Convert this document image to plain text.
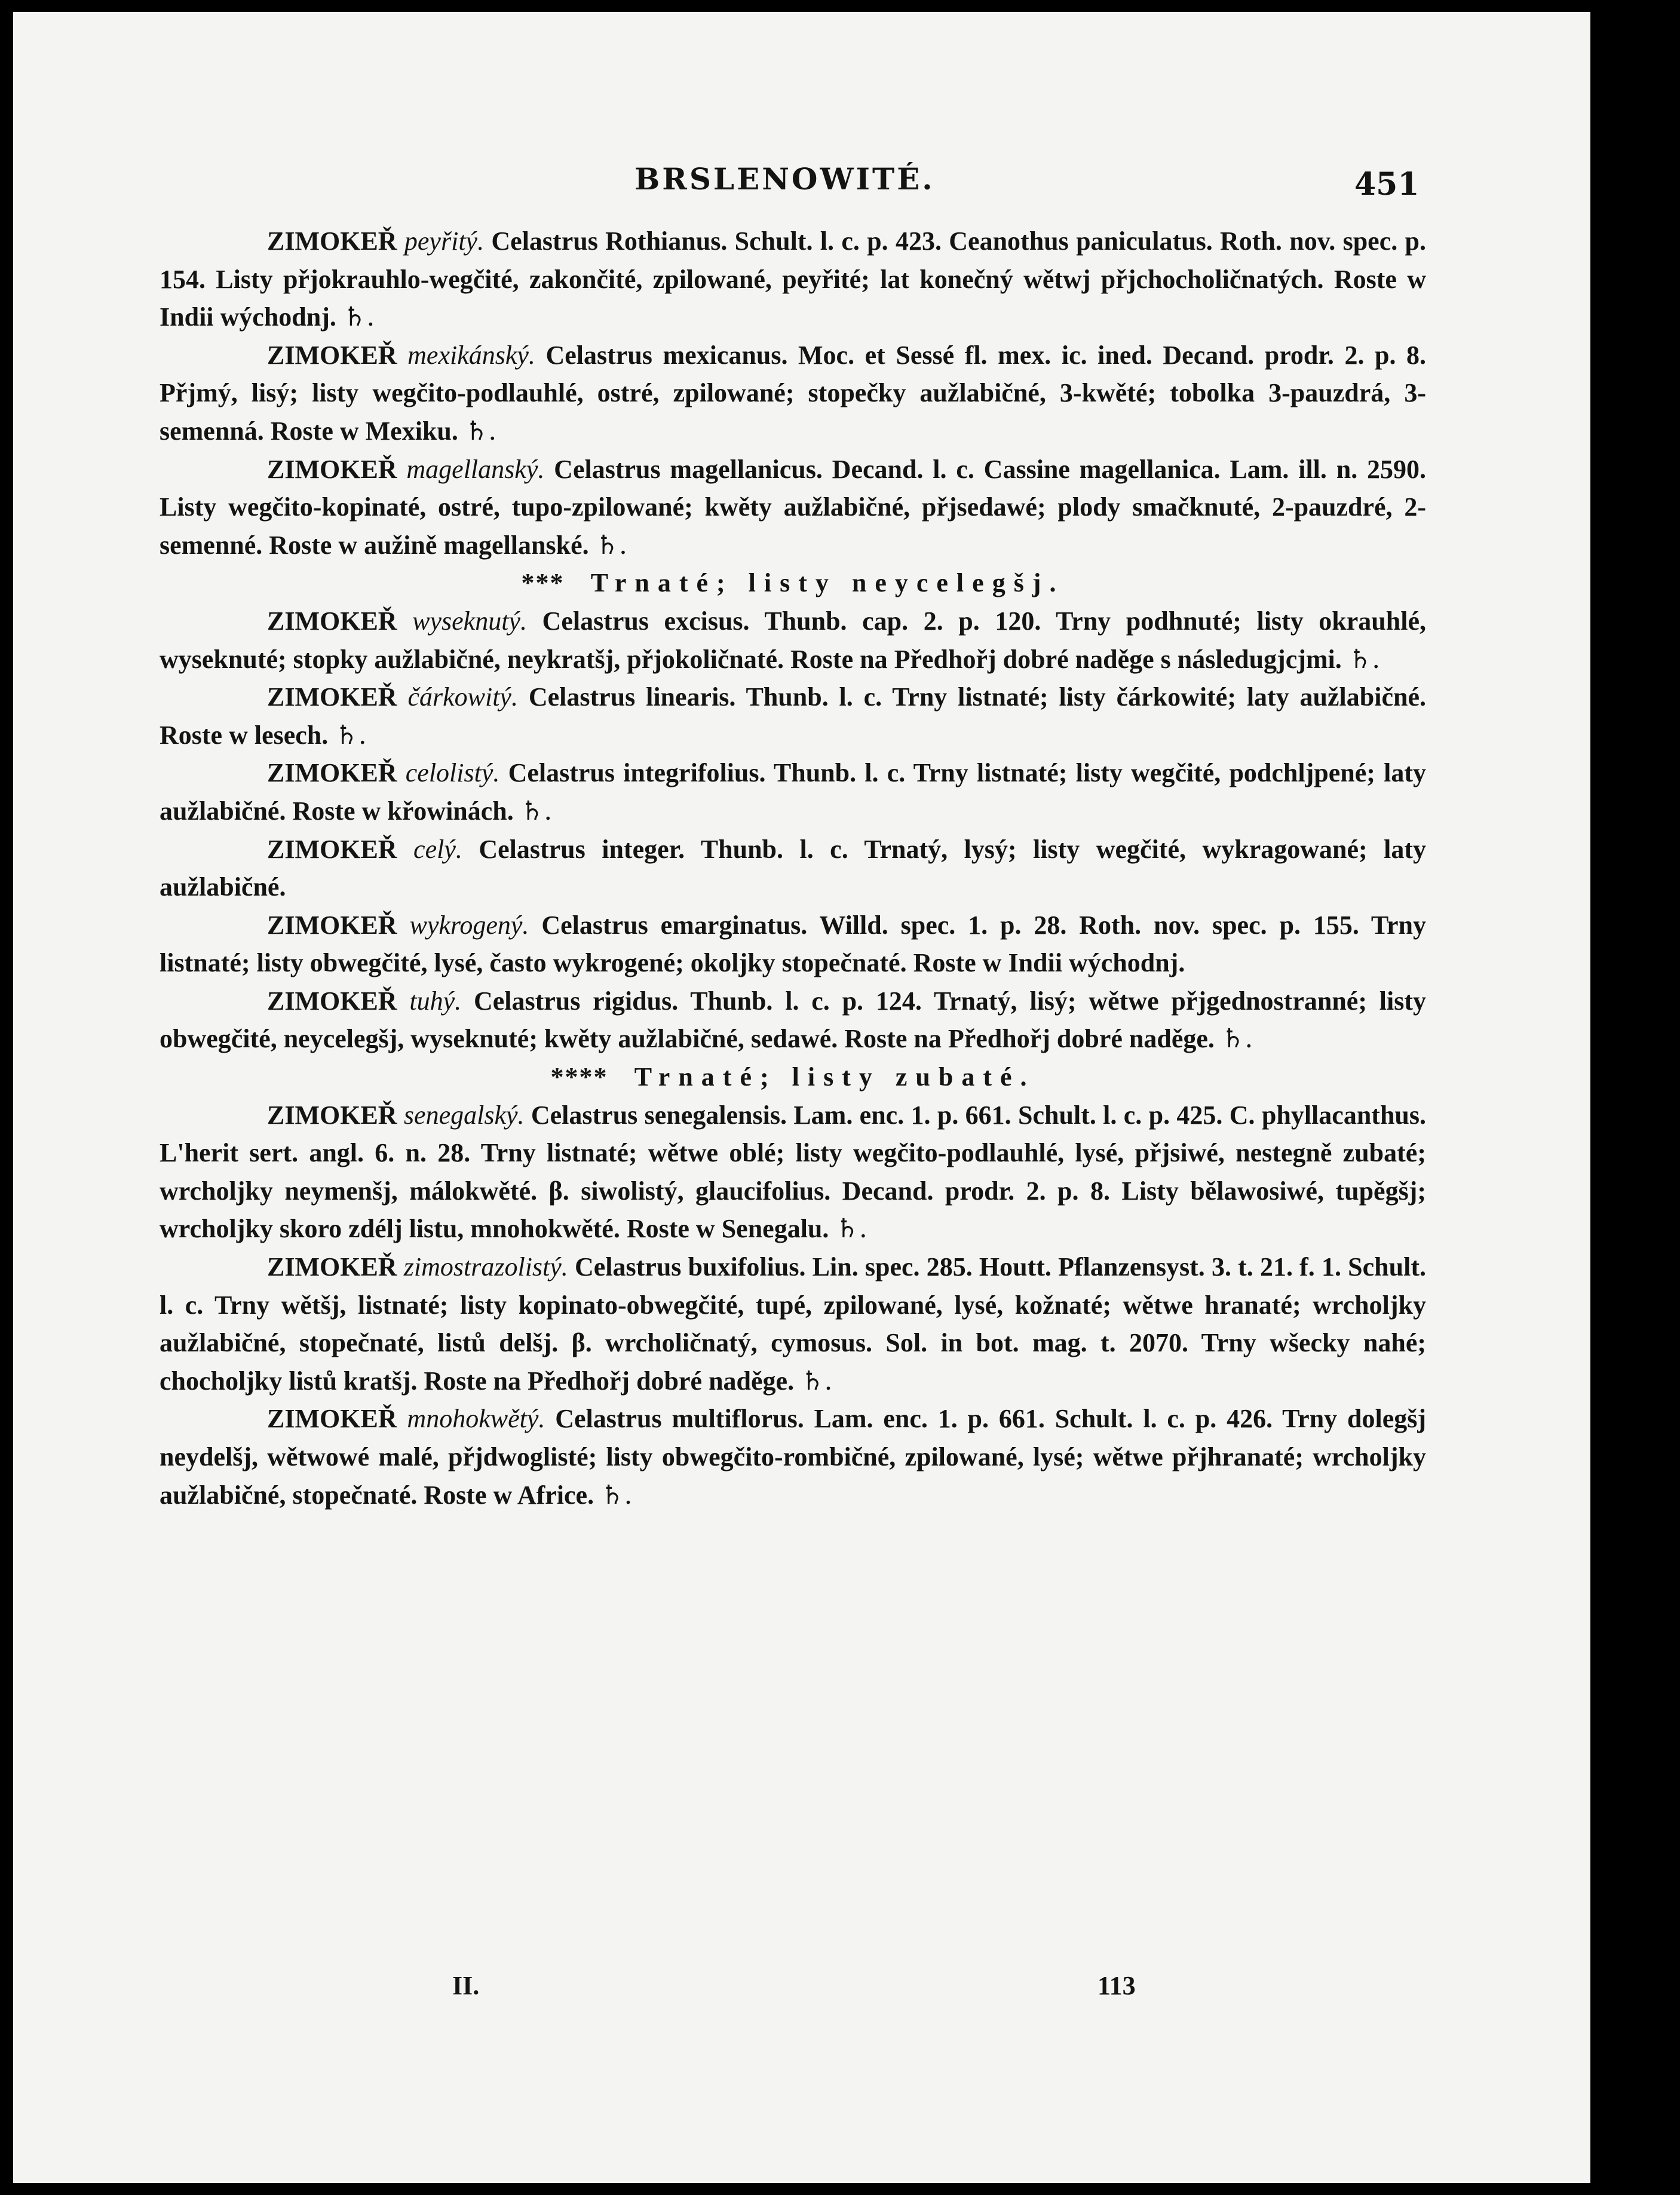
BRSLENOWITÉ.	451

ZIMOKEŘ peyřitý. Celastrus Rothianus. Schult. l. c. p. 423. Ceanothus paniculatus. Roth. nov. spec. p. 154. Listy přjokrauhlo-wegčité, zakončité, zpilowané, peyřité; lat konečný wětwj přjchocholičnatých. Roste w Indii wýchodnj. ♄.

ZIMOKEŘ mexikánský. Celastrus mexicanus. Moc. et Sessé fl. mex. ic. ined. Decand. prodr. 2. p. 8. Přjmý, lisý; listy wegčito-podlauhlé, ostré, zpilowané; stopečky aužlabičné, 3-kwěté; tobolka 3-pauzdrá, 3-semenná. Roste w Mexiku. ♄.

ZIMOKEŘ magellanský. Celastrus magellanicus. Decand. l. c. Cassine magellanica. Lam. ill. n. 2590. Listy wegčito-kopinaté, ostré, tupo-zpilowané; kwěty aužlabičné, přjsedawé; plody smačknuté, 2-pauzdré, 2-semenné. Roste w aužině magellanské. ♄.

*** Trnaté; listy neycelegšj.

ZIMOKEŘ wyseknutý. Celastrus excisus. Thunb. cap. 2. p. 120. Trny podhnuté; listy okrauhlé, wyseknuté; stopky aužlabičné, neykratšj, přjokoličnaté. Roste na Předhořj dobré naděge s následugjcjmi. ♄.

ZIMOKEŘ čárkowitý. Celastrus linearis. Thunb. l. c. Trny listnaté; listy čárkowité; laty aužlabičné. Roste w lesech. ♄.

ZIMOKEŘ celolistý. Celastrus integrifolius. Thunb. l. c. Trny listnaté; listy wegčité, podchljpené; laty aužlabičné. Roste w křowinách. ♄.

ZIMOKEŘ celý. Celastrus integer. Thunb. l. c. Trnatý, lysý; listy wegčité, wykragowané; laty aužlabičné.

ZIMOKEŘ wykrogený. Celastrus emarginatus. Willd. spec. 1. p. 28. Roth. nov. spec. p. 155. Trny listnaté; listy obwegčité, lysé, často wykrogené; okoljky stopečnaté. Roste w Indii wýchodnj.

ZIMOKEŘ tuhý. Celastrus rigidus. Thunb. l. c. p. 124. Trnatý, lisý; wětwe přjgednostranné; listy obwegčité, neycelegšj, wyseknuté; kwěty aužlabičné, sedawé. Roste na Předhořj dobré naděge. ♄.

**** Trnaté; listy zubaté.

ZIMOKEŘ senegalský. Celastrus senegalensis. Lam. enc. 1. p. 661. Schult. l. c. p. 425. C. phyllacanthus. L'herit sert. angl. 6. n. 28. Trny listnaté; wětwe oblé; listy wegčito-podlauhlé, lysé, přjsiwé, nestegně zubaté; wrcholjky neymenšj, málokwěté. β. siwolistý, glaucifolius. Decand. prodr. 2. p. 8. Listy bělawosiwé, tupěgšj; wrcholjky skoro zdélj listu, mnohokwěté. Roste w Senegalu. ♄.

ZIMOKEŘ zimostrazolistý. Celastrus buxifolius. Lin. spec. 285. Houtt. Pflanzensyst. 3. t. 21. f. 1. Schult. l. c. Trny wětšj, listnaté; listy kopinato-obwegčité, tupé, zpilowané, lysé, kožnaté; wětwe hranaté; wrcholjky aužlabičné, stopečnaté, listů delšj. β. wrcholičnatý, cymosus. Sol. in bot. mag. t. 2070. Trny wšecky nahé; chocholjky listů kratšj. Roste na Předhořj dobré naděge. ♄.

ZIMOKEŘ mnohokwětý. Celastrus multiflorus. Lam. enc. 1. p. 661. Schult. l. c. p. 426. Trny dolegšj neydelšj, wětwowé malé, přjdwoglisté; listy obwegčito-rombičné, zpilowané, lysé; wětwe přjhranaté; wrcholjky aužlabičné, stopečnaté. Roste w Africe. ♄.

II.	113
